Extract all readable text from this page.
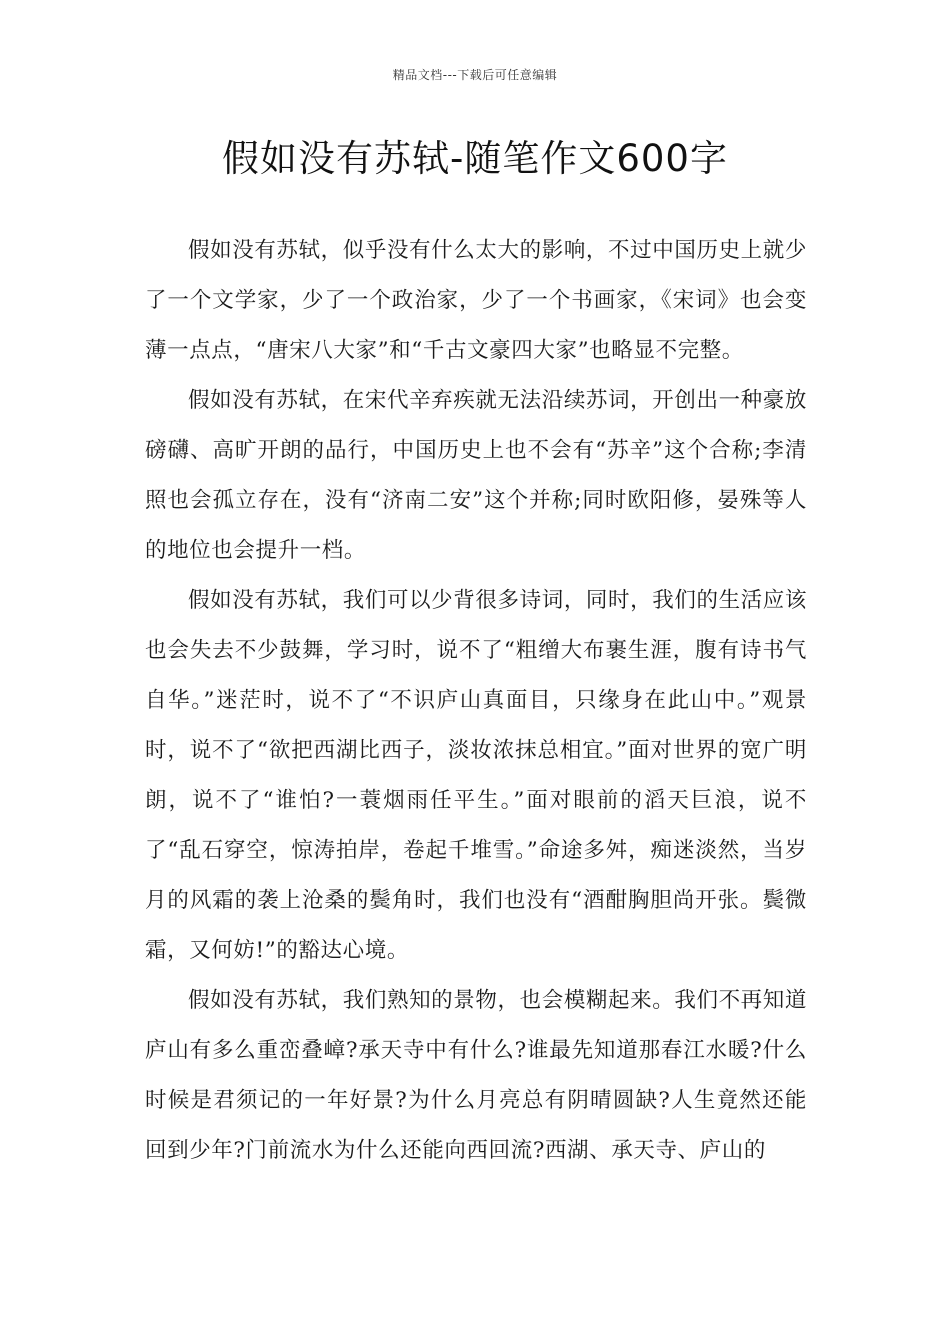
精品文档---下载后可任意编辑
假如没有苏轼-随笔作文600字

假如没有苏轼，似乎没有什么太大的影响，不过中国历史上就少了一个文学家，少了一个政治家，少了一个书画家，《宋词》也会变薄一点点，“唐宋八大家”和“千古文豪四大家”也略显不完整。

假如没有苏轼，在宋代辛弃疾就无法沿续苏词，开创出一种豪放磅礴、高旷开朗的品行，中国历史上也不会有“苏辛”这个合称;李清照也会孤立存在，没有“济南二安”这个并称;同时欧阳修，晏殊等人的地位也会提升一档。

假如没有苏轼，我们可以少背很多诗词，同时，我们的生活应该也会失去不少鼓舞，学习时，说不了“粗缯大布裹生涯，腹有诗书气自华。”迷茫时，说不了“不识庐山真面目，只缘身在此山中。”观景时，说不了“欲把西湖比西子，淡妆浓抹总相宜。”面对世界的宽广明朗，说不了“谁怕?一蓑烟雨任平生。”面对眼前的滔天巨浪，说不了“乱石穿空，惊涛拍岸，卷起千堆雪。”命途多舛，痴迷淡然，当岁月的风霜的袭上沧桑的鬓角时，我们也没有“酒酣胸胆尚开张。鬓微霜，又何妨!”的豁达心境。

假如没有苏轼，我们熟知的景物，也会模糊起来。我们不再知道庐山有多么重峦叠嶂?承天寺中有什么?谁最先知道那春江水暖?什么时候是君须记的一年好景?为什么月亮总有阴晴圆缺?人生竟然还能回到少年?门前流水为什么还能向西回流?西湖、承天寺、庐山的
